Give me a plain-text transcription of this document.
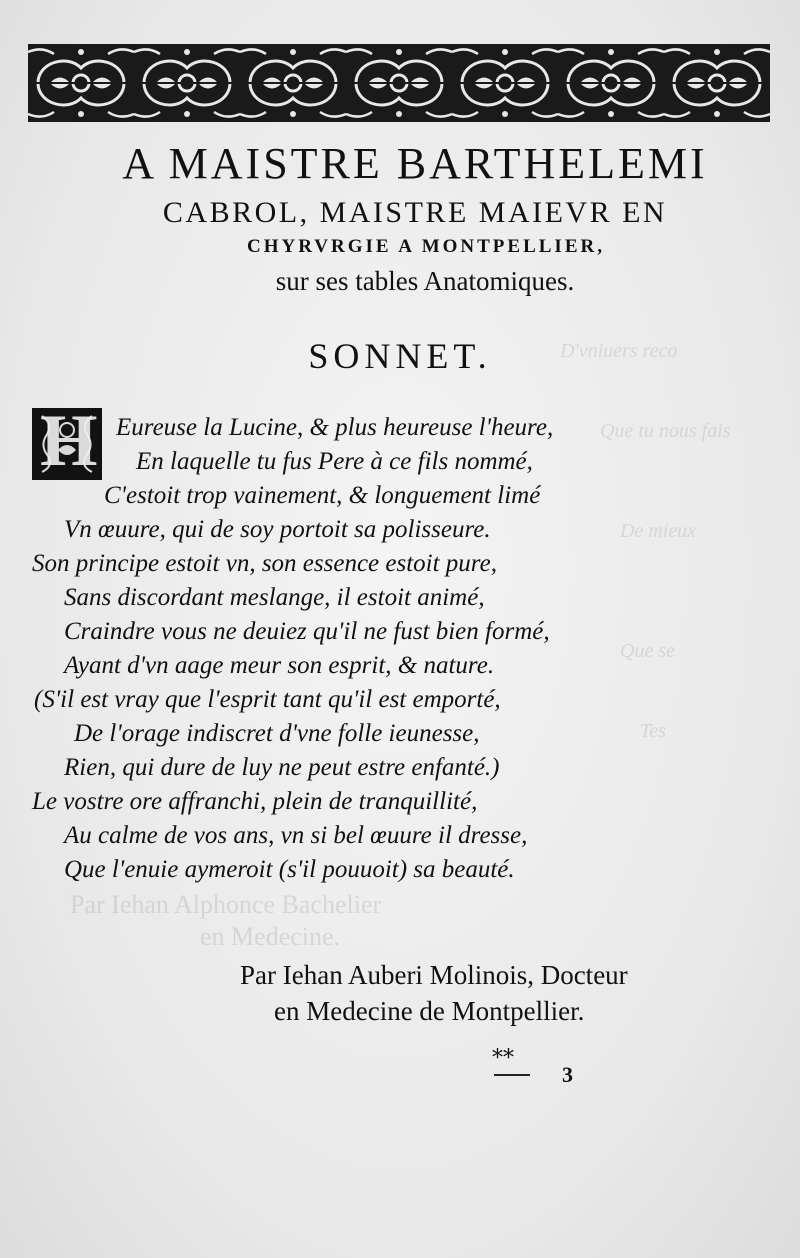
D'vniuers reco
Que tu nous fais
De mieux
Que se
Tes
Par Iehan Alphonce Bachelier
en Medecine.
A MAISTRE BARTHELEMI
CABROL, MAISTRE MAIEVR EN
CHYRVRGIE A MONTPELLIER,
sur ses tables Anatomiques.
SONNET.
H Eureuse la Lucine, & plus heureuse l'heure,
En laquelle tu fus Pere à ce fils nommé,
C'estoit trop vainement, & longuement limé
Vn œuure, qui de soy portoit sa polisseure.
Son principe estoit vn, son essence estoit pure,
Sans discordant meslange, il estoit animé,
Craindre vous ne deuiez qu'il ne fust bien formé,
Ayant d'vn aage meur son esprit, & nature.
(S'il est vray que l'esprit tant qu'il est emporté,
De l'orage indiscret d'vne folle ieunesse,
Rien, qui dure de luy ne peut estre enfanté.)
Le vostre ore affranchi, plein de tranquillité,
Au calme de vos ans, vn si bel œuure il dresse,
Que l'enuie aymeroit (s'il pouuoit) sa beauté.
Par Iehan Auberi Molinois, Docteur
en Medecine de Montpellier.
**
3
